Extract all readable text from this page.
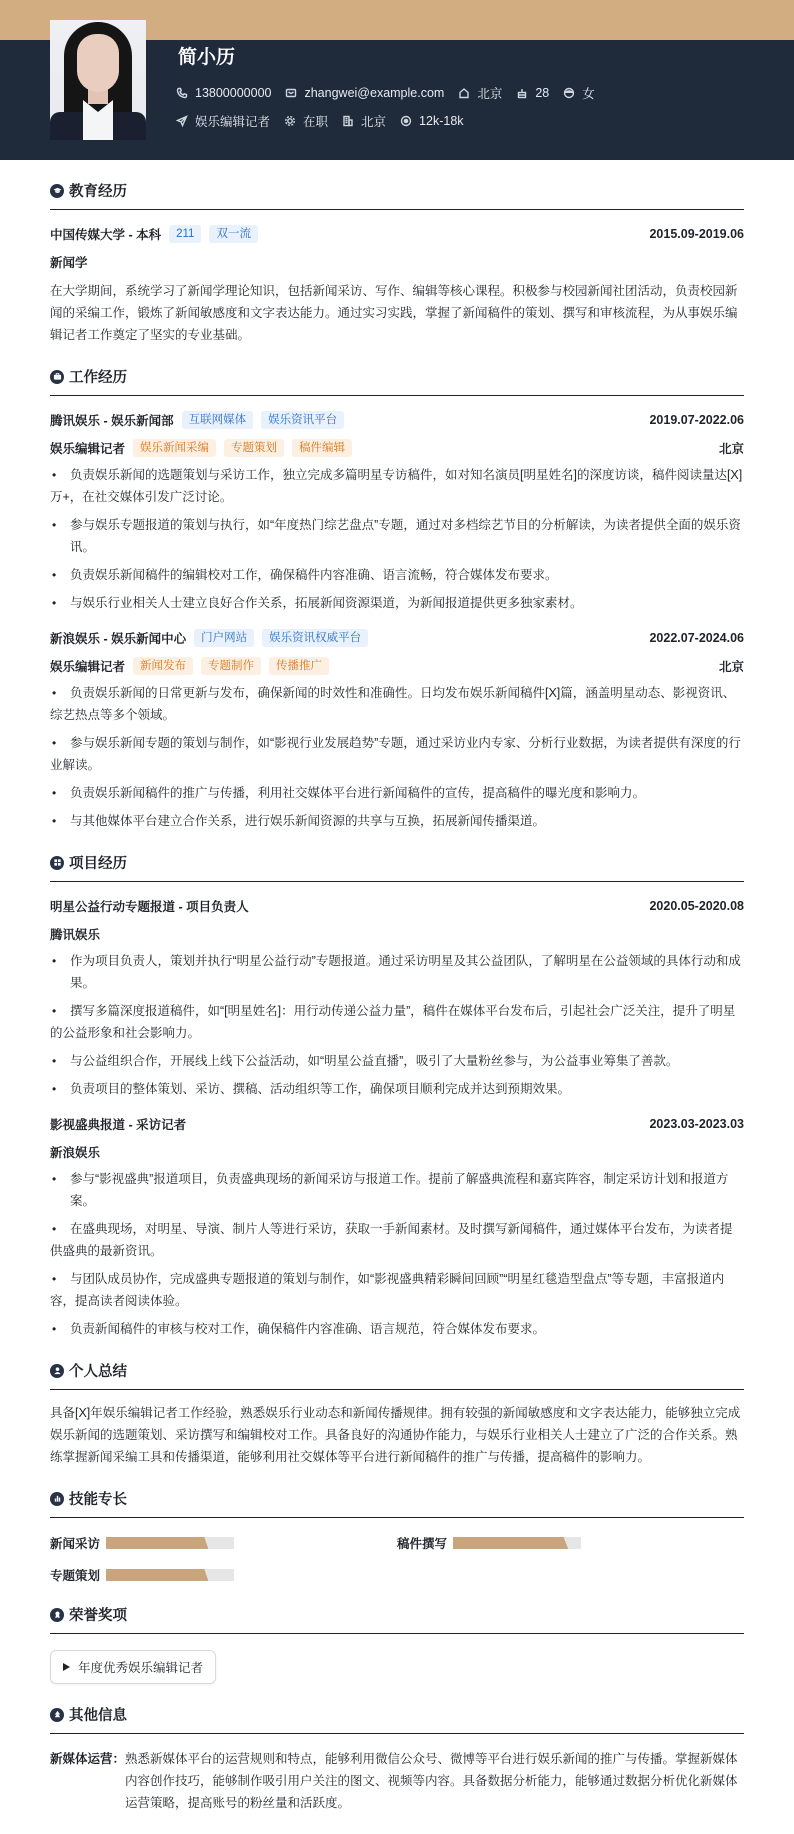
简小历
13800000000	zhangwei@example.com	北京	28	女
娱乐编辑记者	在职	北京	12k-18k
教育经历
中国传媒大学 - 本科	211	双一流	2015.09-2019.06
新闻学
在大学期间，系统学习了新闻学理论知识，包括新闻采访、写作、编辑等核心课程。积极参与校园新闻社团活动，负责校园新闻的采编工作，锻炼了新闻敏感度和文字表达能力。通过实习实践，掌握了新闻稿件的策划、撰写和审核流程，为从事娱乐编辑记者工作奠定了坚实的专业基础。
工作经历
腾讯娱乐 - 娱乐新闻部	互联网媒体	娱乐资讯平台	2019.07-2022.06
娱乐编辑记者	娱乐新闻采编	专题策划	稿件编辑	北京
• 负责娱乐新闻的选题策划与采访工作，独立完成多篇明星专访稿件，如对知名演员[明星姓名]的深度访谈，稿件阅读量达[X]万+，在社交媒体引发广泛讨论。
• 参与娱乐专题报道的策划与执行，如“年度热门综艺盘点”专题，通过对多档综艺节目的分析解读，为读者提供全面的娱乐资讯。
• 负责娱乐新闻稿件的编辑校对工作，确保稿件内容准确、语言流畅，符合媒体发布要求。
• 与娱乐行业相关人士建立良好合作关系，拓展新闻资源渠道，为新闻报道提供更多独家素材。
新浪娱乐 - 娱乐新闻中心	门户网站	娱乐资讯权威平台	2022.07-2024.06
娱乐编辑记者	新闻发布	专题制作	传播推广	北京
• 负责娱乐新闻的日常更新与发布，确保新闻的时效性和准确性。日均发布娱乐新闻稿件[X]篇，涵盖明星动态、影视资讯、综艺热点等多个领域。
• 参与娱乐新闻专题的策划与制作，如“影视行业发展趋势”专题，通过采访业内专家、分析行业数据，为读者提供有深度的行业解读。
• 负责娱乐新闻稿件的推广与传播，利用社交媒体平台进行新闻稿件的宣传，提高稿件的曝光度和影响力。
• 与其他媒体平台建立合作关系，进行娱乐新闻资源的共享与互换，拓展新闻传播渠道。
项目经历
明星公益行动专题报道 - 项目负责人	2020.05-2020.08
腾讯娱乐
• 作为项目负责人，策划并执行“明星公益行动”专题报道。通过采访明星及其公益团队，了解明星在公益领域的具体行动和成果。
• 撰写多篇深度报道稿件，如“[明星姓名]：用行动传递公益力量”，稿件在媒体平台发布后，引起社会广泛关注，提升了明星的公益形象和社会影响力。
• 与公益组织合作，开展线上线下公益活动，如“明星公益直播”，吸引了大量粉丝参与，为公益事业筹集了善款。
• 负责项目的整体策划、采访、撰稿、活动组织等工作，确保项目顺利完成并达到预期效果。
影视盛典报道 - 采访记者	2023.03-2023.03
新浪娱乐
• 参与“影视盛典”报道项目，负责盛典现场的新闻采访与报道工作。提前了解盛典流程和嘉宾阵容，制定采访计划和报道方案。
• 在盛典现场，对明星、导演、制片人等进行采访，获取一手新闻素材。及时撰写新闻稿件，通过媒体平台发布，为读者提供盛典的最新资讯。
• 与团队成员协作，完成盛典专题报道的策划与制作，如“影视盛典精彩瞬间回顾”“明星红毯造型盘点”等专题，丰富报道内容，提高读者阅读体验。
• 负责新闻稿件的审核与校对工作，确保稿件内容准确、语言规范，符合媒体发布要求。
个人总结
具备[X]年娱乐编辑记者工作经验，熟悉娱乐行业动态和新闻传播规律。拥有较强的新闻敏感度和文字表达能力，能够独立完成娱乐新闻的选题策划、采访撰写和编辑校对工作。具备良好的沟通协作能力，与娱乐行业相关人士建立了广泛的合作关系。熟练掌握新闻采编工具和传播渠道，能够利用社交媒体等平台进行新闻稿件的推广与传播，提高稿件的影响力。
技能专长
新闻采访	稿件撰写
专题策划
荣誉奖项
年度优秀娱乐编辑记者
其他信息
新媒体运营： 熟悉新媒体平台的运营规则和特点，能够利用微信公众号、微博等平台进行娱乐新闻的推广与传播。掌握新媒体内容创作技巧，能够制作吸引用户关注的图文、视频等内容。具备数据分析能力，能够通过数据分析优化新媒体运营策略，提高账号的粉丝量和活跃度。
